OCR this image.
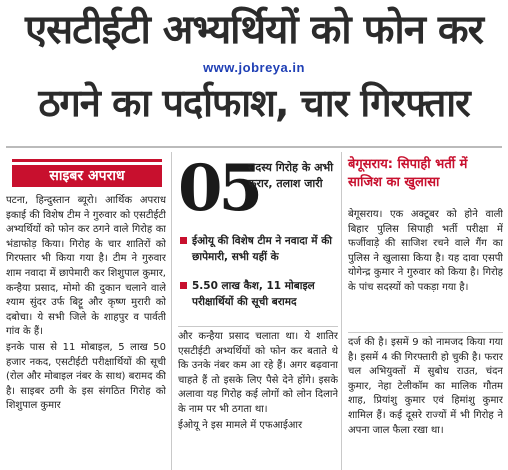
एसटीईटी अभ्यर्थियों को फोन कर
www.jobreya.in
ठगने का पर्दाफाश, चार गिरफ्तार
साइबर अपराध

पटना, हिन्दुस्तान ब्यूरो। आर्थिक अपराध इकाई की विशेष टीम ने गुरुवार को एसटीईटी अभ्यर्थियों को फोन कर ठगने वाले गिरोह का भंडाफोड़ किया। गिरोह के चार शातिरों को गिरफ्तार भी किया गया है। टीम ने गुरुवार शाम नवादा में छापेमारी कर शिशुपाल कुमार, कन्हैया प्रसाद, मोमो की दुकान चलाने वाले श्याम सुंदर उर्फ बिट्टू और कृष्ण मुरारी को दबोचा। ये सभी जिले के शाहपुर व पार्वती गांव के हैं।

इनके पास से 11 मोबाइल, 5 लाख 50 हजार नकद, एसटीईटी परीक्षार्थियों की सूची (रोल और मोबाइल नंबर के साथ) बरामद की है। साइबर ठगी के इस संगठित गिरोह को शिशुपाल कुमार

05
सदस्य गिरोह के अभी फरार, तलाश जारी
ईओयू की विशेष टीम ने नवादा में की छापेमारी, सभी यहीं के
5.50 लाख कैश, 11 मोबाइल परीक्षार्थियों की सूची बरामद

और कन्हैया प्रसाद चलाता था। ये शातिर एसटीईटी अभ्यर्थियों को फोन कर बताते थे कि उनके नंबर कम आ रहे हैं। अगर बढ़वाना चाहते हैं तो इसके लिए पैसे देने होंगे। इसके अलावा यह गिरोह कई लोगों को लोन दिलाने के नाम पर भी ठगता था।

ईओयू ने इस मामले में एफआईआर

बेगूसराय: सिपाही भर्ती में साजिश का खुलासा

बेगूसराय। एक अक्टूबर को होने वाली बिहार पुलिस सिपाही भर्ती परीक्षा में फर्जीवाड़े की साजिश रचने वाले गैंग का पुलिस ने खुलासा किया है। यह दावा एसपी योगेन्द्र कुमार ने गुरुवार को किया है। गिरोह के पांच सदस्यों को पकड़ा गया है।

दर्ज की है। इसमें 9 को नामजद किया गया है। इसमें 4 की गिरफ्तारी हो चुकी है। फरार चल अभियुक्तों में सुबोध राउत, चंदन कुमार, नेहा टेलीकॉम का मालिक गौतम शाह, प्रियांशु कुमार एवं हिमांशु कुमार शामिल हैं। कई दूसरे राज्यों में भी गिरोह ने अपना जाल फैला रखा था।
